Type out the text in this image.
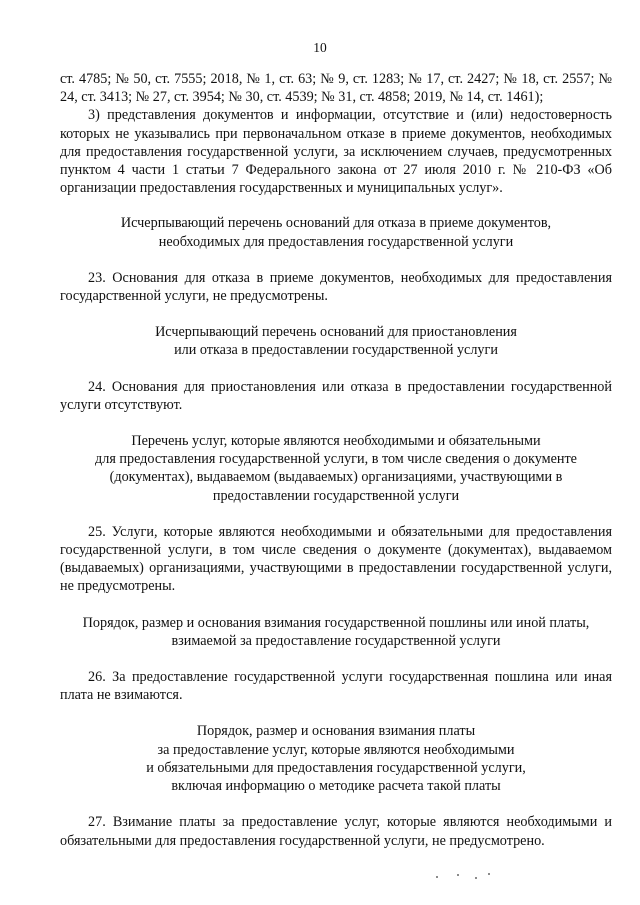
10

ст. 4785; № 50, ст. 7555; 2018, № 1, ст. 63; № 9, ст. 1283; № 17, ст. 2427; № 18, ст. 2557; № 24, ст. 3413; № 27, ст. 3954; № 30, ст. 4539; № 31, ст. 4858; 2019, № 14, ст. 1461);

3) представления документов и информации, отсутствие и (или) недостоверность которых не указывались при первоначальном отказе в приеме документов, необходимых для предоставления государственной услуги, за исключением случаев, предусмотренных пунктом 4 части 1 статьи 7 Федерального закона от 27 июля 2010 г. № 210-ФЗ «Об организации предоставления государственных и муниципальных услуг».

Исчерпывающий перечень оснований для отказа в приеме документов,
необходимых для предоставления государственной услуги

23. Основания для отказа в приеме документов, необходимых для предоставления государственной услуги, не предусмотрены.

Исчерпывающий перечень оснований для приостановления
или отказа в предоставлении государственной услуги

24. Основания для приостановления или отказа в предоставлении государственной услуги отсутствуют.

Перечень услуг, которые являются необходимыми и обязательными
для предоставления государственной услуги, в том числе сведения о документе
(документах), выдаваемом (выдаваемых) организациями, участвующими в
предоставлении государственной услуги

25. Услуги, которые являются необходимыми и обязательными для предоставления государственной услуги, в том числе сведения о документе (документах), выдаваемом (выдаваемых) организациями, участвующими в предоставлении государственной услуги, не предусмотрены.

Порядок, размер и основания взимания государственной пошлины или иной платы,
взимаемой за предоставление государственной услуги

26. За предоставление государственной услуги государственная пошлина или иная плата не взимаются.

Порядок, размер и основания взимания платы
за предоставление услуг, которые являются необходимыми
и обязательными для предоставления государственной услуги,
включая информацию о методике расчета такой платы

27. Взимание платы за предоставление услуг, которые являются необходимыми и обязательными для предоставления государственной услуги, не предусмотрено.
